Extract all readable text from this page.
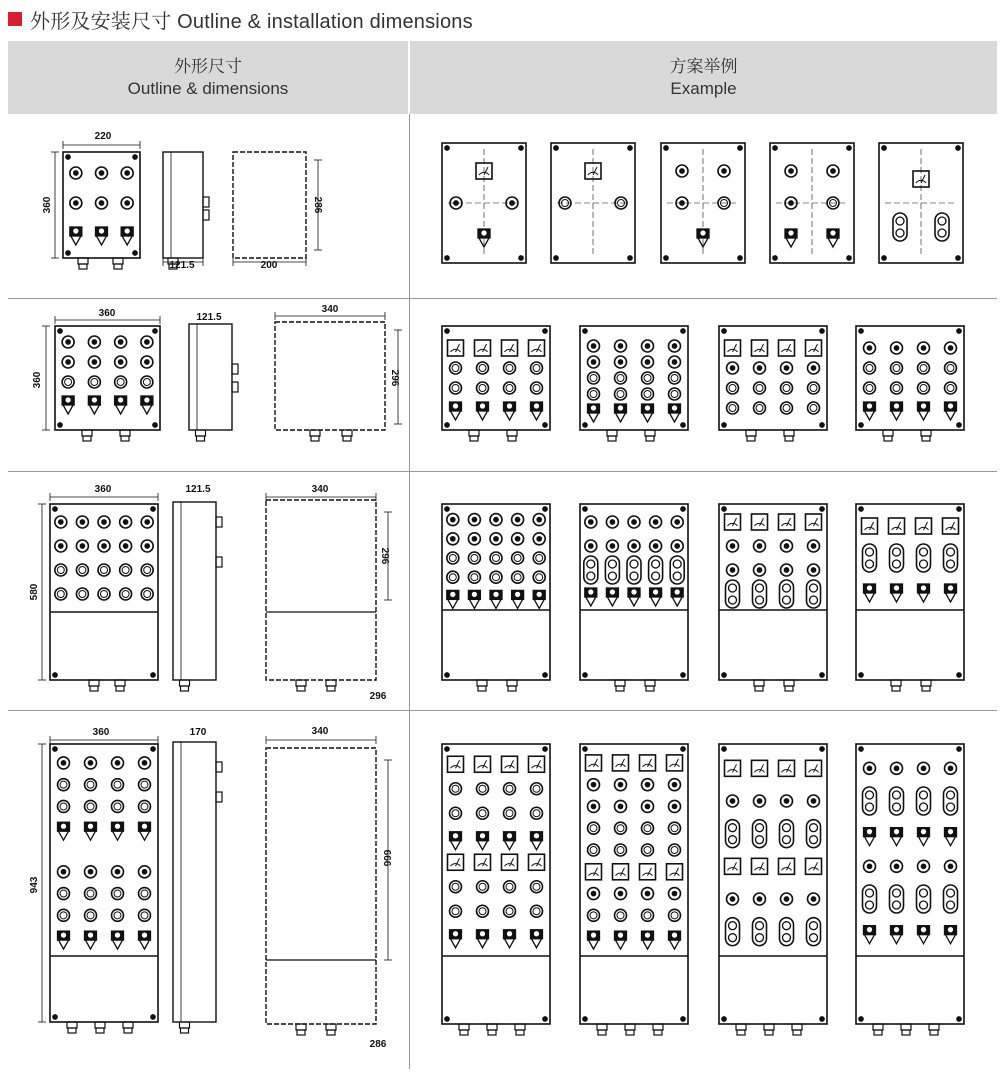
外形及安装尺寸 Outline & installation dimensions
外形尺寸
Outline & dimensions
方案举例
Example
220
360
121.5	200
286
360
360
121.5
340
296
360
580
121.5	340
296
296
360
943
170	340
666
286
